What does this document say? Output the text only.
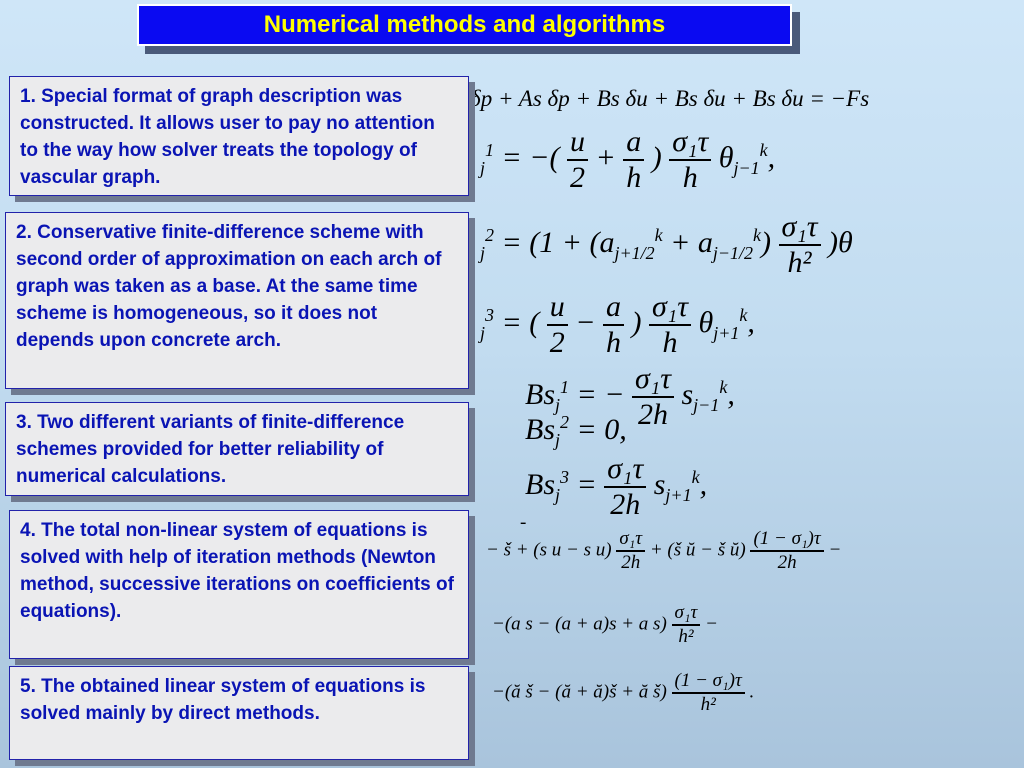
Numerical methods and algorithms
δp + As δp + Bs δu + Bs δu + Bs δu = −Fs
$_j^1$ = −( $\frac{u}{2} + \frac{a}{h}$ ) $\frac{\text{σ₁τ}}{h} \theta_{j-1}^k$,
$_j^2 = (1 + (a_{j+1/2}^k + a_{j-1/2}^k) \frac{\text{σ₁τ}}{\text{h²}} )\theta$
$_j^3$ = ( $\frac{u}{2} - \frac{a}{h}$ ) $\frac{\text{σ₁τ}}{h} \theta_{j+1}^k$,
$Bs_j^1$ = − $\frac{\text{σ₁τ}}{2h} s_{j-1}^k$,
$Bs_j^2 = 0$,
$Bs_j^3 = \frac{\text{σ₁τ}}{2h} s_{j+1}^k$,
-
− š + (s u − s $u) \frac{\text{σ₁τ}}{2h}$ + (š ŭ − š ŭ) $\frac{\text{(1 − σ₁)τ}}{2h}$ −
−(a s − (a + a)s + a $s) \frac{\text{σ₁τ}}{\text{h²}}$ −
−(ă š − (ă + ă)š + ă š) $\frac{\text{(1 − σ₁)τ}}{\text{h²}}$ .
1. Special format of graph description was constructed. It allows user to pay no attention to the way how solver treats the topology of vascular graph.
2. Conservative finite-difference scheme with second order of approximation on each arch of graph was taken as a base. At the same time scheme is homogeneous, so it does not depends upon concrete arch.
3. Two different variants of finite-difference schemes provided for better reliability of numerical calculations.
4. The total non-linear system of equations is solved with help of iteration methods (Newton method, successive iterations on coefficients of equations).
5. The obtained linear system of equations is solved mainly by direct methods.
